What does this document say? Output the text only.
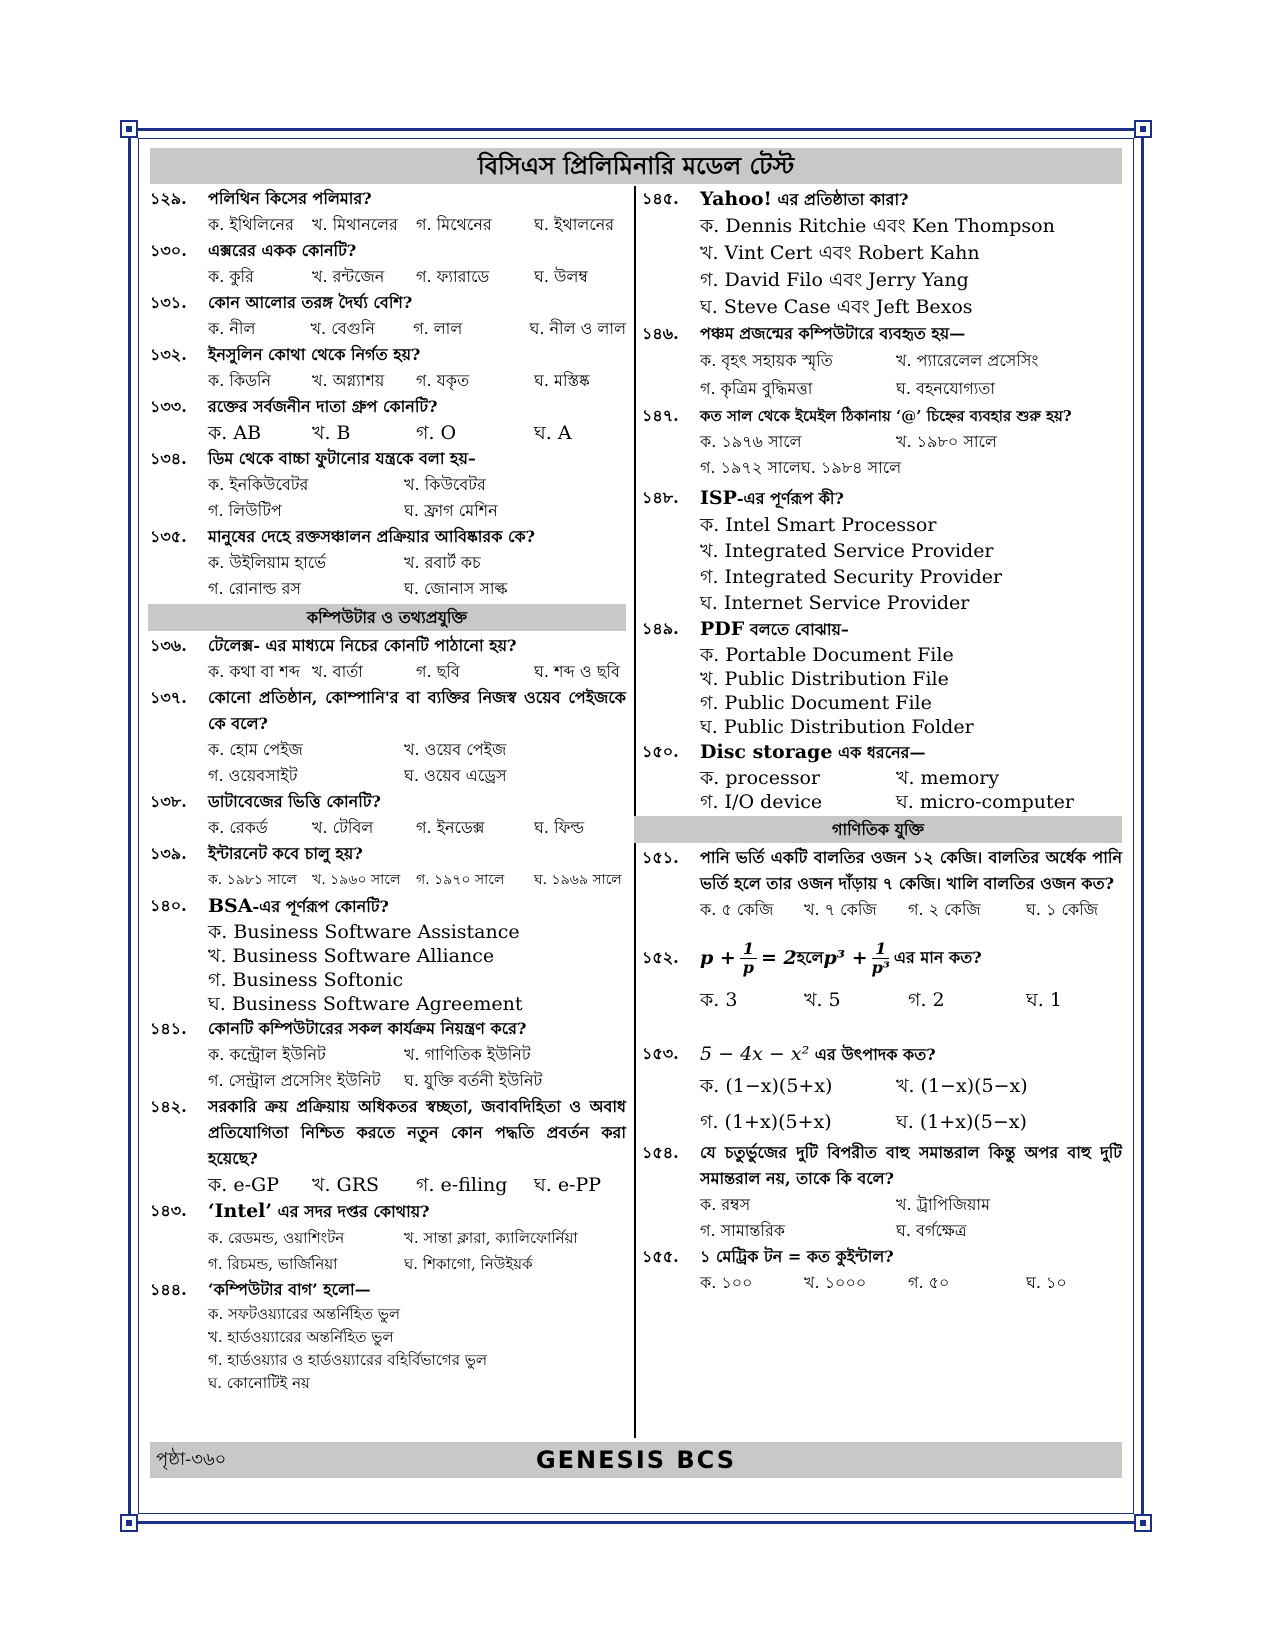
বিসিএস প্রিলিমিনারি মডেল টেস্ট
১২৯.	পলিথিন কিসের পলিমার?
ক. ইথিলিনের	খ. মিথানলের	গ. মিথেনের	ঘ. ইথালনের
১৩০.	এক্সরের একক কোনটি?
ক. কুরি	খ. রন্টজেন	গ. ফ্যারাডে	ঘ. উলম্ব
১৩১.	কোন আলোর তরঙ্গ দৈর্ঘ্য বেশি?
ক. নীল	খ. বেগুনি	গ. লাল	ঘ. নীল ও লাল
১৩২.	ইনসুলিন কোথা থেকে নির্গত হয়?
ক. কিডনি	খ. অগ্ন্যাশয়	গ. যকৃত	ঘ. মস্তিষ্ক
১৩৩.	রক্তের সর্বজনীন দাতা গ্রুপ কোনটি?
ক. AB	খ. B	গ. O	ঘ. A
১৩৪.	ডিম থেকে বাচ্চা ফুটানোর যন্ত্রকে বলা হয়–
ক. ইনকিউবেটর	খ. কিউবেটর
গ. লিউটিপ	ঘ. ফ্রাগ মেশিন
১৩৫.	মানুষের দেহে রক্তসঞ্চালন প্রক্রিয়ার আবিষ্কারক কে?
ক. উইলিয়াম হার্ভে	খ. রবার্ট কচ
গ. রোনাল্ড রস	ঘ. জোনাস সাল্ক
কম্পিউটার ও তথ্যপ্রযুক্তি
১৩৬.	টেলেক্স- এর মাধ্যমে নিচের কোনটি পাঠানো হয়?
ক. কথা বা শব্দ খ. বার্তা	গ. ছবি	ঘ. শব্দ ও ছবি
১৩৭.	কোনো প্রতিষ্ঠান, কোম্পানি'র বা ব্যক্তির নিজস্ব ওয়েব পেইজকে কে বলে?
ক. হোম পেইজ	খ. ওয়েব পেইজ
গ. ওয়েবসাইট	ঘ. ওয়েব এড্রেস
১৩৮.	ডাটাবেজের ভিত্তি কোনটি?
ক. রেকর্ড	খ. টেবিল	গ. ইনডেক্স	ঘ. ফিল্ড
১৩৯.	ইন্টারনেট কবে চালু হয়?
ক. ১৯৮১ সালে	খ. ১৯৬০ সালে	গ. ১৯৭০ সালে	ঘ. ১৯৬৯ সালে
১৪০.	BSA-এর পূর্ণরূপ কোনটি?
ক. Business Software Assistance
খ. Business Software Alliance
গ. Business Softonic
ঘ. Business Software Agreement
১৪১.	কোনটি কম্পিউটারের সকল কার্যক্রম নিয়ন্ত্রণ করে?
ক. কন্ট্রোল ইউনিট	খ. গাণিতিক ইউনিট
গ. সেন্ট্রাল প্রসেসিং ইউনিট	ঘ. যুক্তি বর্তনী ইউনিট
১৪২.	সরকারি ক্রয় প্রক্রিয়ায় অধিকতর স্বচ্ছতা, জবাবদিহিতা ও অবাধ প্রতিযোগিতা নিশ্চিত করতে নতুন কোন পদ্ধতি প্রবর্তন করা হয়েছে?
ক. e-GP	খ. GRS	গ. e-filing	ঘ. e-PP
১৪৩.	‘Intel’ এর সদর দপ্তর কোথায়?
ক. রেডমন্ড, ওয়াশিংটন	খ. সান্তা ক্লারা, ক্যালিফোর্নিয়া
গ. রিচমন্ড, ভার্জিনিয়া	ঘ. শিকাগো, নিউইয়র্ক
১৪৪.	‘কম্পিউটার বাগ’ হলো—
ক. সফটওয়্যারের অন্তর্নিহিত ভুল
খ. হার্ডওয়্যারের অন্তর্নিহিত ভুল
গ. হার্ডওয়্যার ও হার্ডওয়্যারের বহির্বিভাগের ভুল
ঘ. কোনোটিই নয়
১৪৫.	Yahoo! এর প্রতিষ্ঠাতা কারা?
ক. Dennis Ritchie এবং Ken Thompson
খ. Vint Cert এবং Robert Kahn
গ. David Filo এবং Jerry Yang
ঘ. Steve Case এবং Jeft Bexos
১৪৬.	পঞ্চম প্রজন্মের কম্পিউটারে ব্যবহৃত হয়—
ক. বৃহৎ সহায়ক স্মৃতি	খ. প্যারেলেল প্রসেসিং
গ. কৃত্রিম বুদ্ধিমত্তা	ঘ. বহনযোগ্যতা
১৪৭.	কত সাল থেকে ইমেইল ঠিকানায় ‘@’ চিহ্নের ব্যবহার শুরু হয়?
ক. ১৯৭৬ সালে	খ. ১৯৮০ সালে
গ. ১৯৭২ সালে ঘ. ১৯৮৪ সালে
১৪৮.	ISP-এর পূর্ণরূপ কী?
ক. Intel Smart Processor
খ. Integrated Service Provider
গ. Integrated Security Provider
ঘ. Internet Service Provider
১৪৯.	PDF বলতে বোঝায়–
ক. Portable Document File
খ. Public Distribution File
গ. Public Document File
ঘ. Public Distribution Folder
১৫০.	Disc storage এক ধরনের—
ক. processor	খ. memory
গ. I/O device	ঘ. micro-computer
গাণিতিক যুক্তি
১৫১.	পানি ভর্তি একটি বালতির ওজন ১২ কেজি। বালতির অর্ধেক পানি ভর্তি হলে তার ওজন দাঁড়ায় ৭ কেজি। খালি বালতির ওজন কত?
ক. ৫ কেজি	খ. ৭ কেজি	গ. ২ কেজি	ঘ. ১ কেজি
১৫২.	$p + \frac{1}{p} = 2$ হলে $p^3 + \frac{1}{\text{p³}}$ এর মান কত?
ক. 3	খ. 5	গ. 2	ঘ. 1
১৫৩.	5 − 4x − x² এর উৎপাদক কত?
ক. (1−x)(5+x)	খ. (1−x)(5−x)
গ. (1+x)(5+x)	ঘ. (1+x)(5−x)
১৫৪.	যে চতুর্ভুজের দুটি বিপরীত বাহু সমান্তরাল কিন্তু অপর বাহু দুটি সমান্তরাল নয়, তাকে কি বলে?
ক. রম্বস	খ. ট্রাপিজিয়াম
গ. সামান্তরিক	ঘ. বর্গক্ষেত্র
১৫৫.	১ মেট্রিক টন = কত কুইন্টাল?
ক. ১০০	খ. ১০০০	গ. ৫০	ঘ. ১০
পৃষ্ঠা-৩৬০	GENESIS BCS
